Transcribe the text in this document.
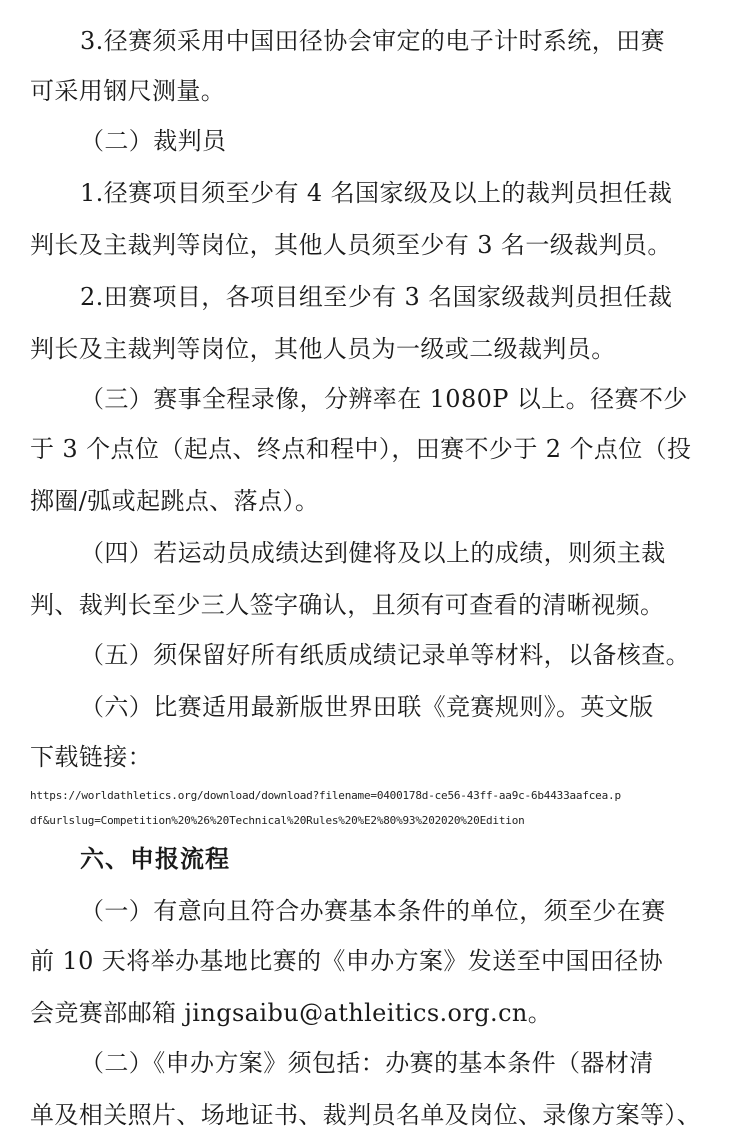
3.径赛须采用中国田径协会审定的电子计时系统，田赛
可采用钢尺测量。
（二）裁判员
1.径赛项目须至少有 4 名国家级及以上的裁判员担任裁
判长及主裁判等岗位，其他人员须至少有 3 名一级裁判员。
2.田赛项目，各项目组至少有 3 名国家级裁判员担任裁
判长及主裁判等岗位，其他人员为一级或二级裁判员。
（三）赛事全程录像，分辨率在 1080P 以上。径赛不少
于 3 个点位（起点、终点和程中），田赛不少于 2 个点位（投
掷圈/弧或起跳点、落点）。
（四）若运动员成绩达到健将及以上的成绩，则须主裁
判、裁判长至少三人签字确认，且须有可查看的清晰视频。
（五）须保留好所有纸质成绩记录单等材料，以备核查。
（六）比赛适用最新版世界田联《竞赛规则》。英文版
下载链接：
https://worldathletics.org/download/download?filename=0400178d-ce56-43ff-aa9c-6b4433aafcea.p
df&urlslug=Competition%20%26%20Technical%20Rules%20%E2%80%93%202020%20Edition
六、申报流程
（一）有意向且符合办赛基本条件的单位，须至少在赛
前 10 天将举办基地比赛的《申办方案》发送至中国田径协
会竞赛部邮箱 jingsaibu@athleitics.org.cn。
（二）《申办方案》须包括：办赛的基本条件（器材清
单及相关照片、场地证书、裁判员名单及岗位、录像方案等）、
